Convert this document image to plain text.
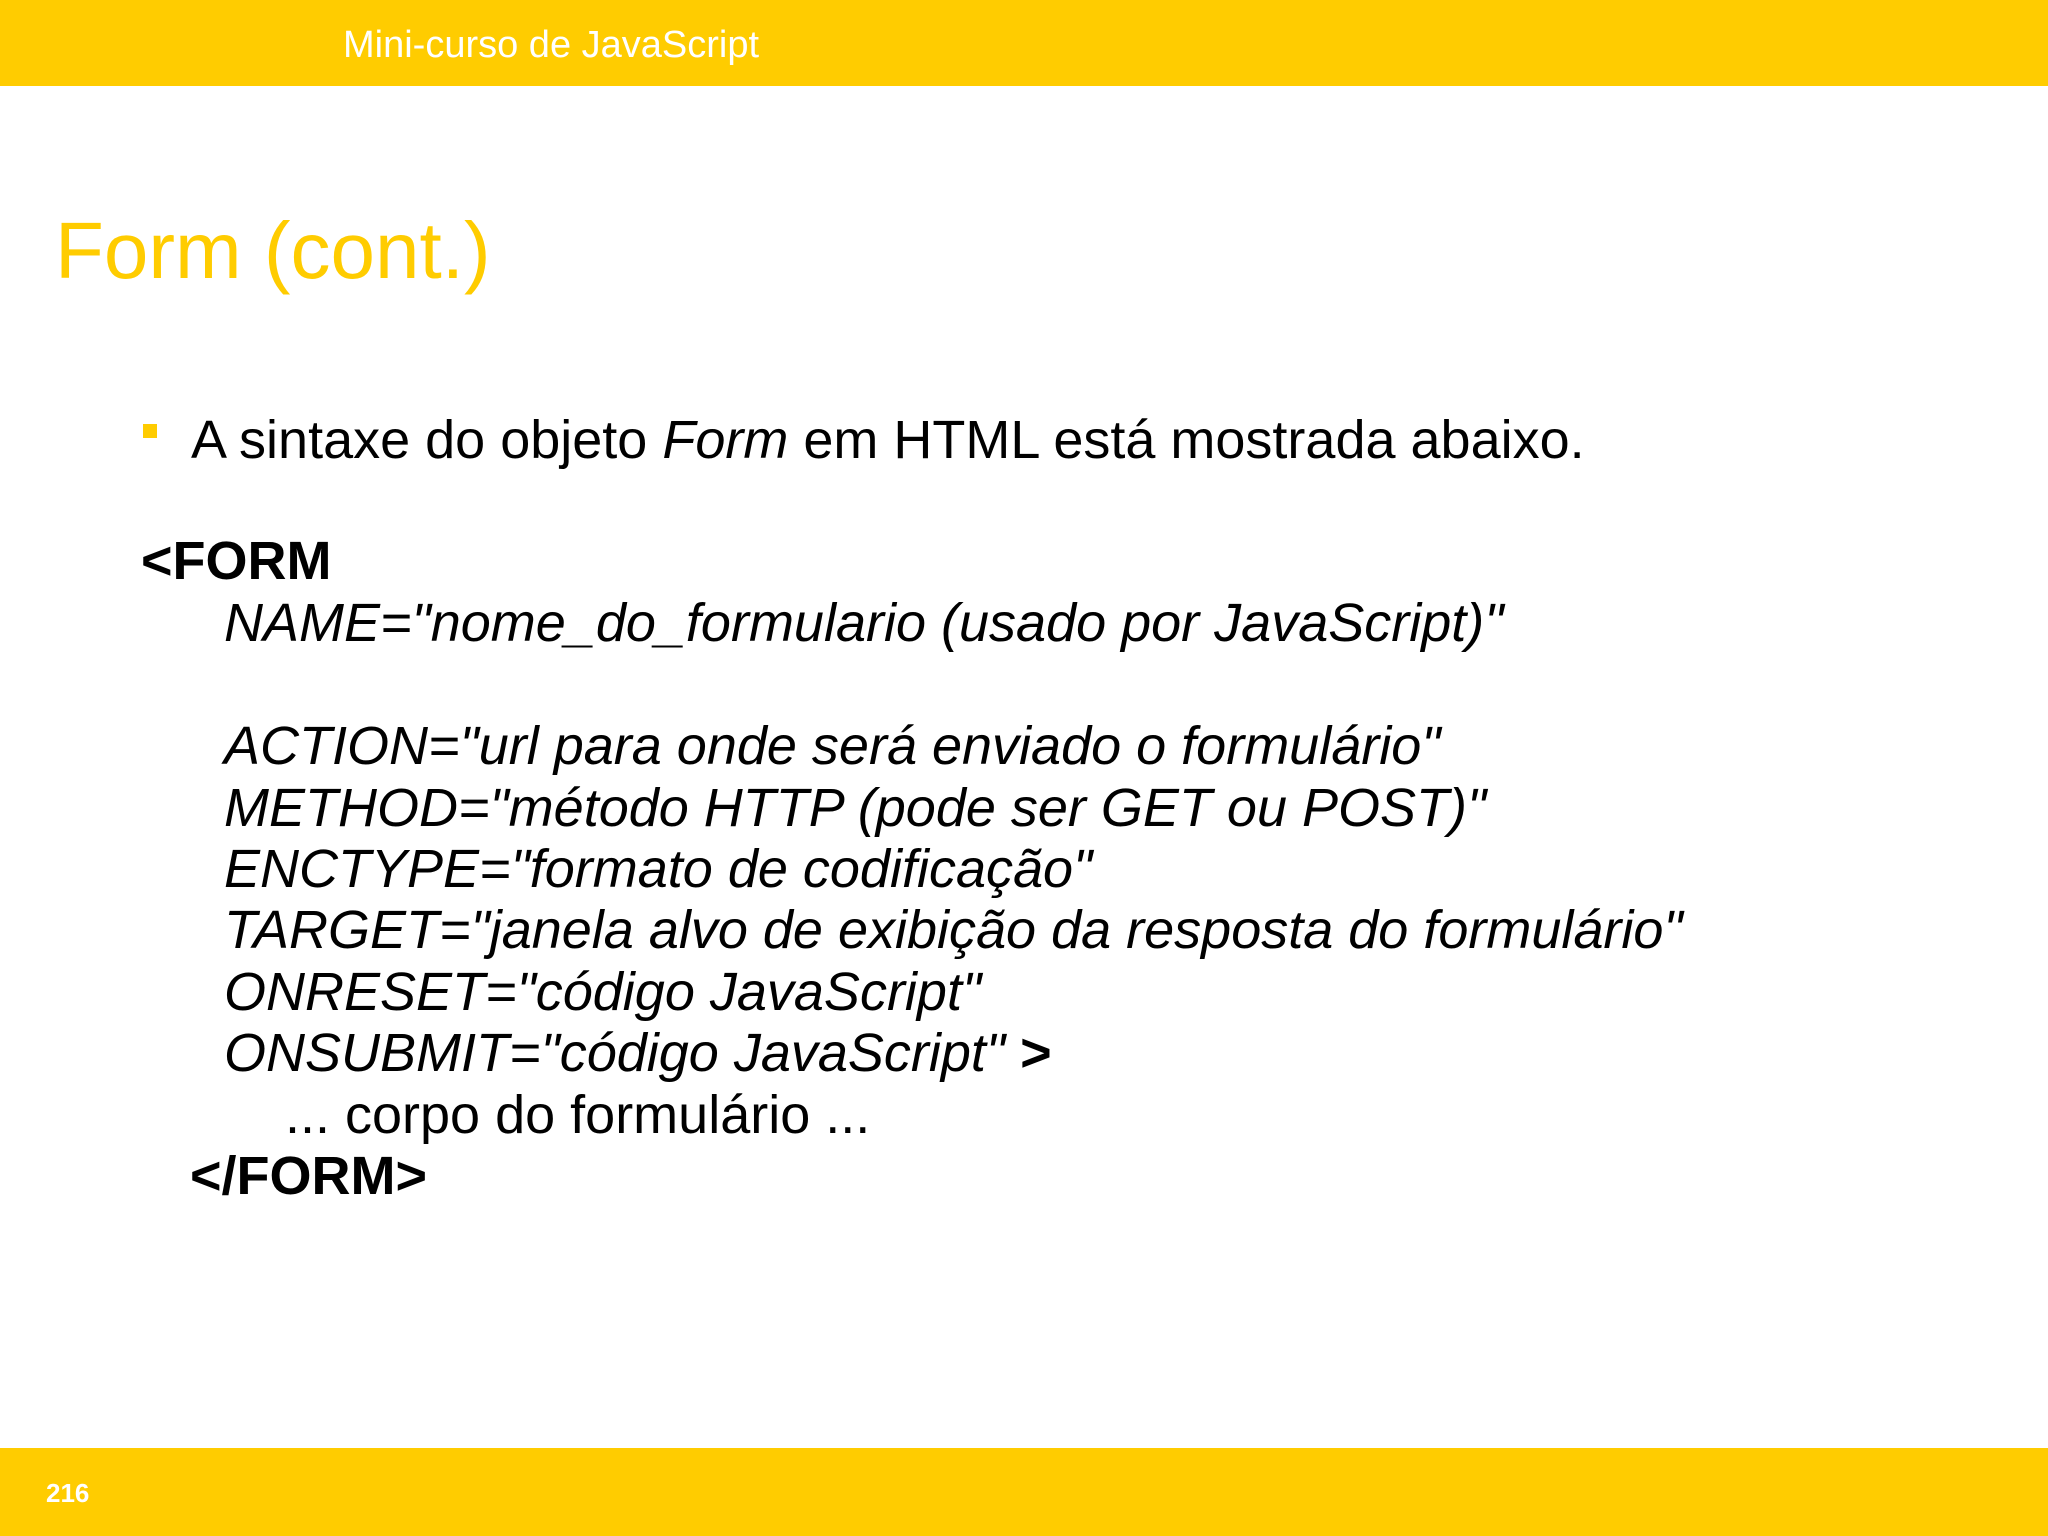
Mini-curso de JavaScript
Form (cont.)
A sintaxe do objeto Form em HTML está mostrada abaixo.
<FORM
NAME="nome_do_formulario (usado por JavaScript)"
ACTION="url para onde será enviado o formulário"
METHOD="método HTTP (pode ser GET ou POST)"
ENCTYPE="formato de codificação"
TARGET="janela alvo de exibição da resposta do formulário"
ONRESET="código JavaScript"
ONSUBMIT="código JavaScript" >
... corpo do formulário ...
</FORM>
216
